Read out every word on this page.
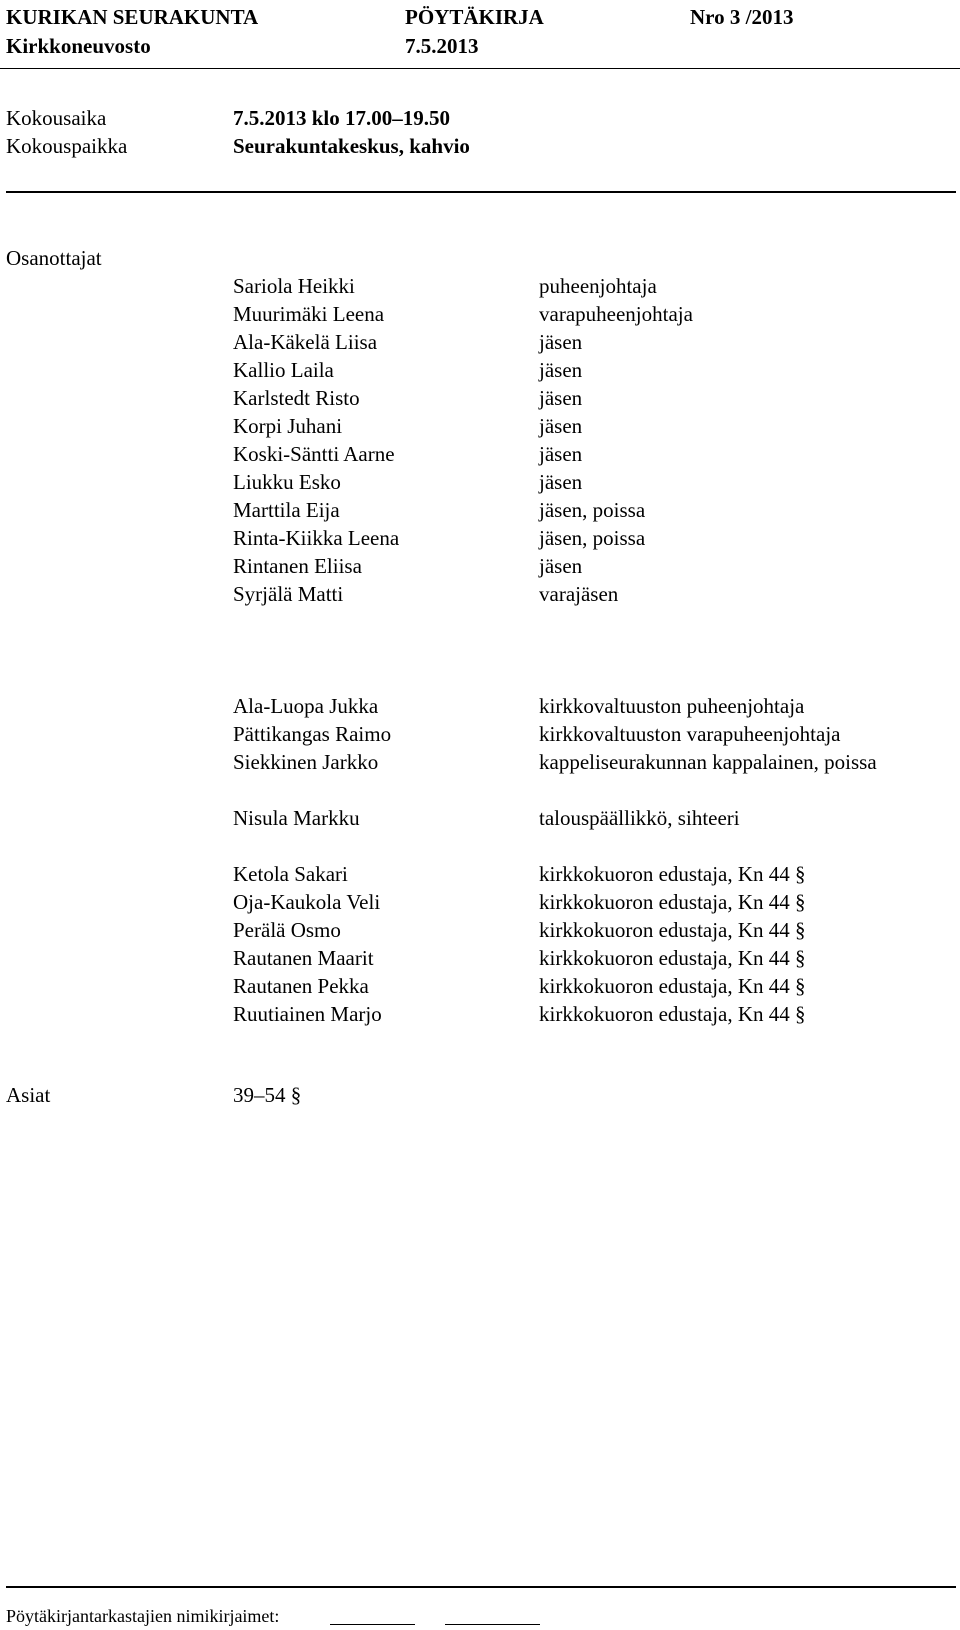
KURIKAN SEURAKUNTA	PÖYTÄKIRJA	Nro 3 /2013
Kirkkoneuvosto	7.5.2013
Kokousaika	7.5.2013 klo 17.00–19.50
Kokouspaikka	Seurakuntakeskus, kahvio
Osanottajat
Sariola Heikki	puheenjohtaja
Muurimäki Leena	varapuheenjohtaja
Ala-Käkelä Liisa	jäsen
Kallio Laila	jäsen
Karlstedt Risto	jäsen
Korpi Juhani	jäsen
Koski-Säntti Aarne	jäsen
Liukku Esko	jäsen
Marttila Eija	jäsen, poissa
Rinta-Kiikka Leena	jäsen, poissa
Rintanen Eliisa	jäsen
Syrjälä Matti	varajäsen
Ala-Luopa Jukka	kirkkovaltuuston puheenjohtaja
Pättikangas Raimo	kirkkovaltuuston varapuheenjohtaja
Siekkinen Jarkko	kappeliseurakunnan kappalainen, poissa
Nisula Markku	talouspäällikkö, sihteeri
Ketola Sakari	kirkkokuoron edustaja, Kn 44 §
Oja-Kaukola Veli	kirkkokuoron edustaja, Kn 44 §
Perälä Osmo	kirkkokuoron edustaja, Kn 44 §
Rautanen Maarit	kirkkokuoron edustaja, Kn 44 §
Rautanen Pekka	kirkkokuoron edustaja, Kn 44 §
Ruutiainen Marjo	kirkkokuoron edustaja, Kn 44 §
Asiat	39–54 §
Pöytäkirjantarkastajien nimikirjaimet:
